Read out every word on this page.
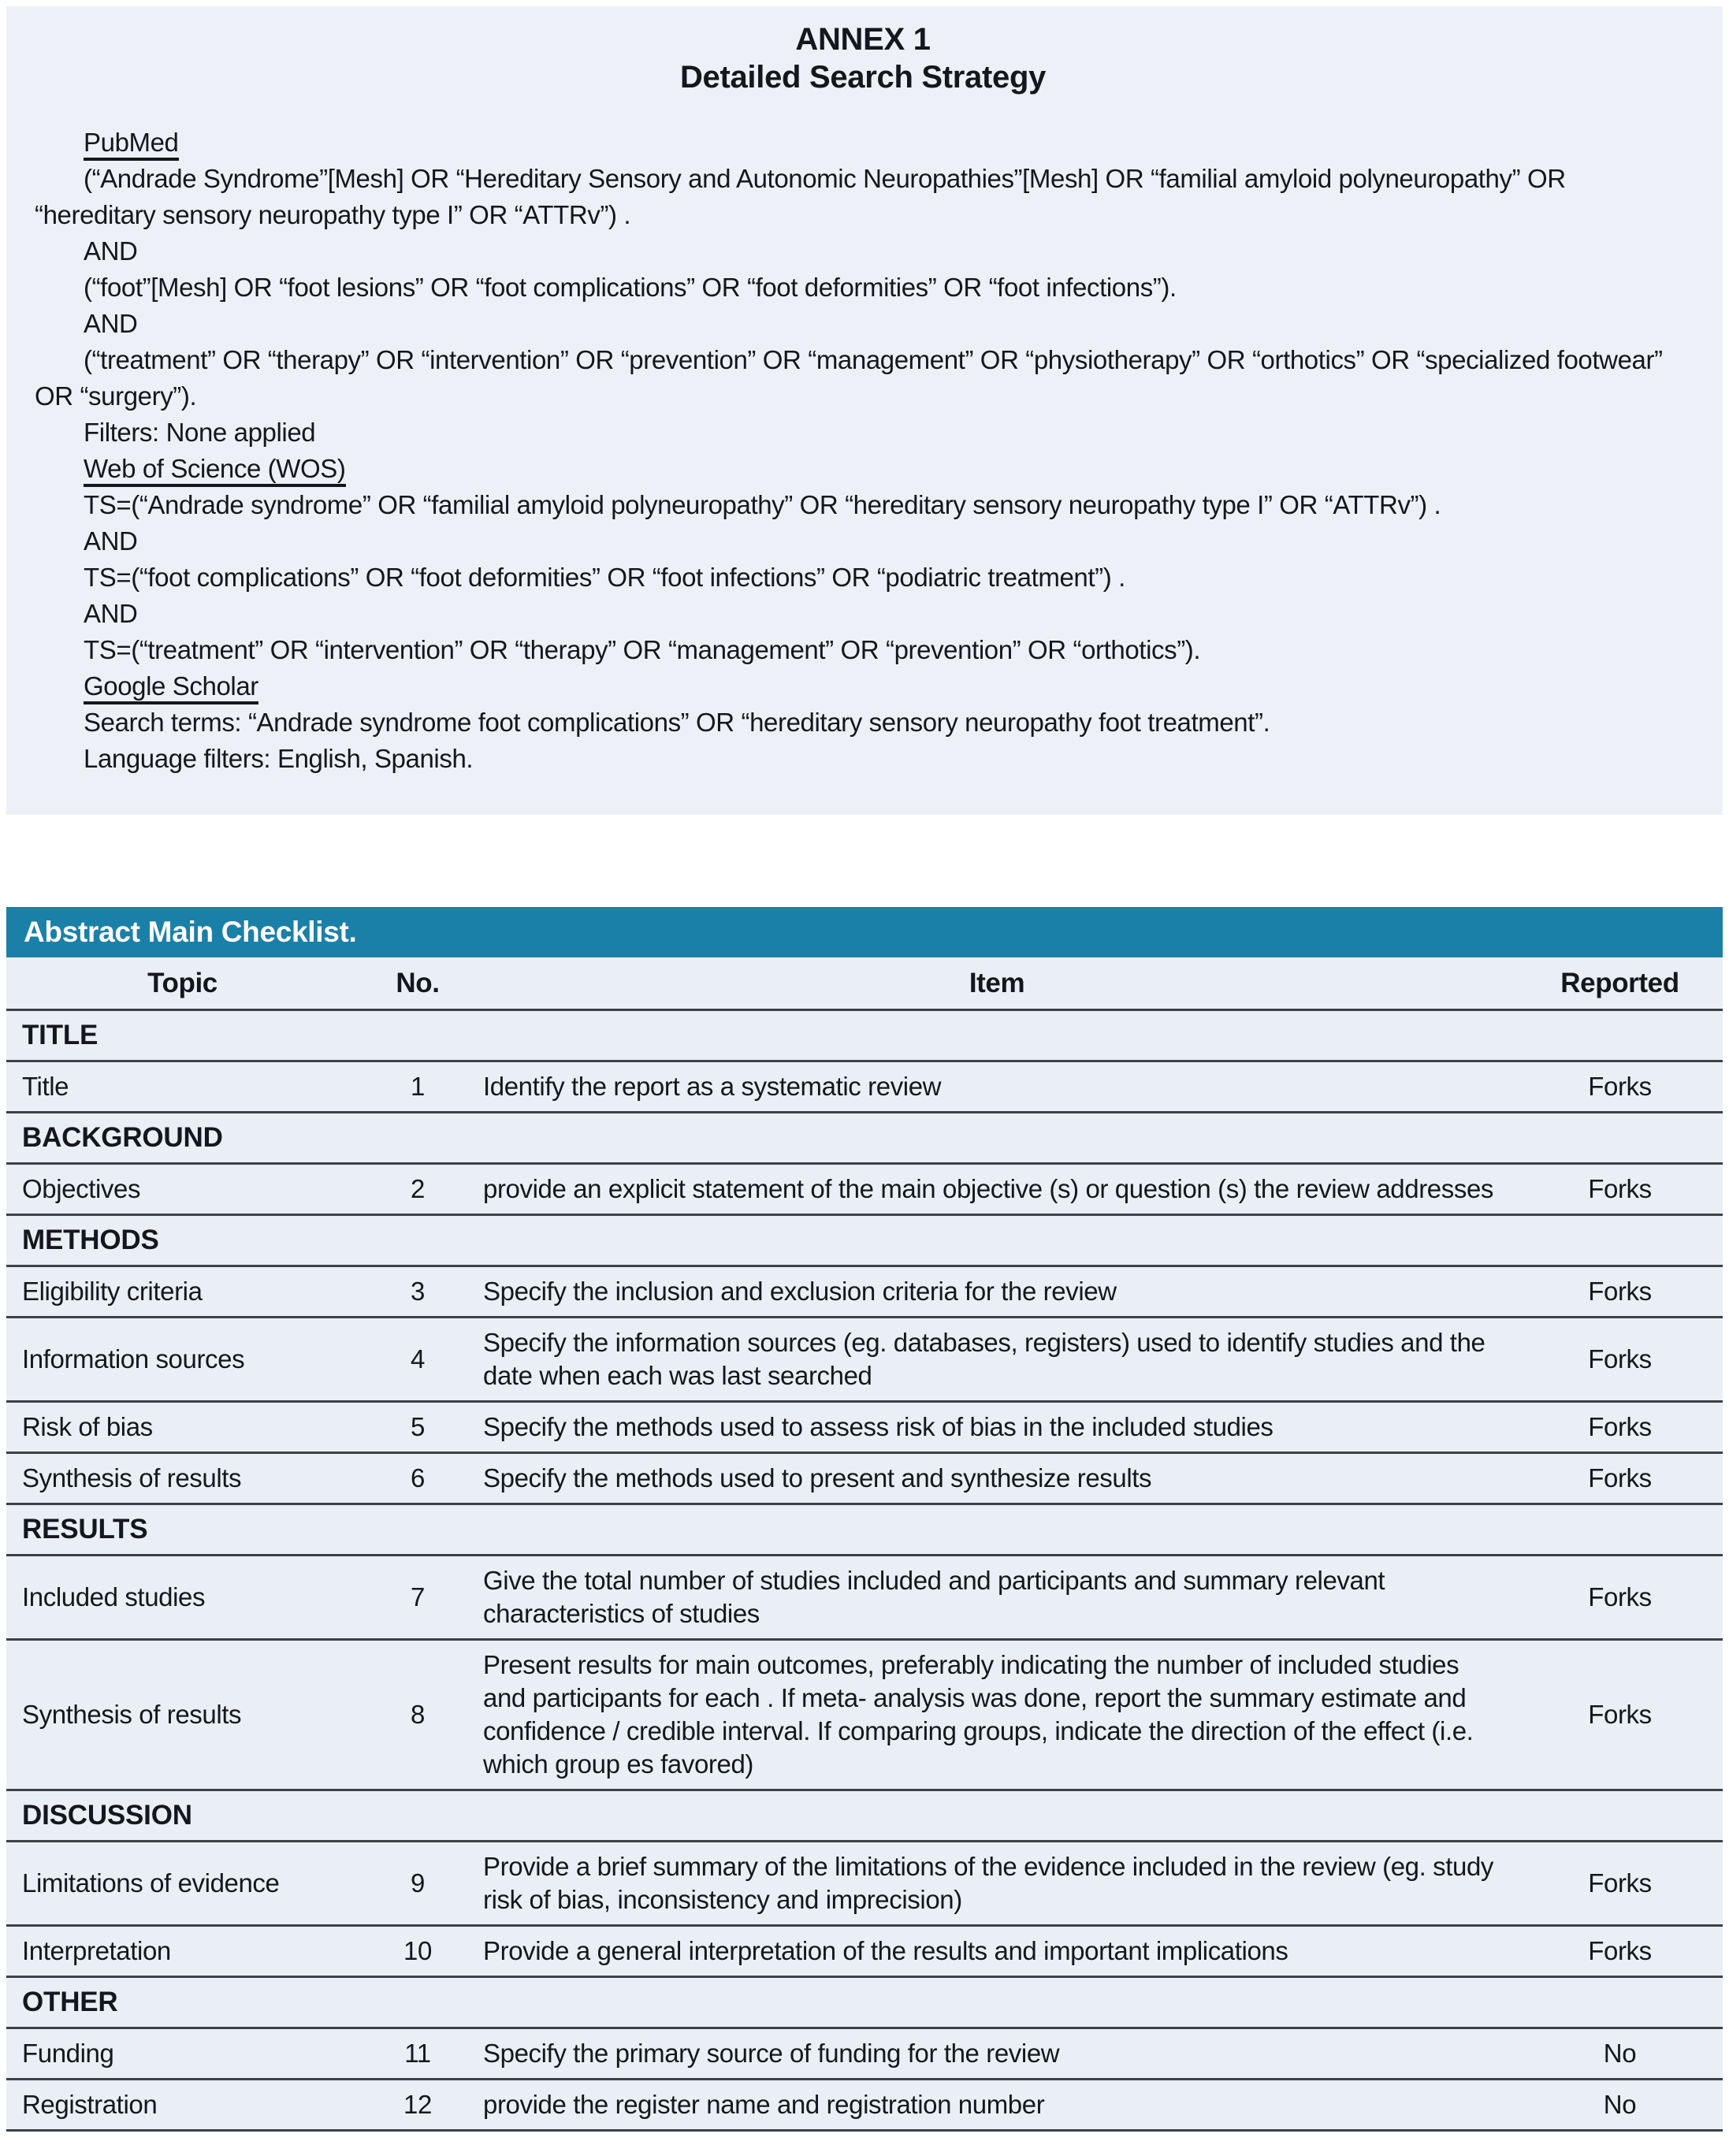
ANNEX 1
Detailed Search Strategy

PubMed

(“Andrade Syndrome”[Mesh] OR “Hereditary Sensory and Autonomic Neuropathies”[Mesh] OR “familial amyloid polyneuropathy” OR “hereditary sensory neuropathy type I” OR “ATTRv”) .

AND

(“foot”[Mesh] OR “foot lesions” OR “foot complications” OR “foot deformities” OR “foot infections”).

AND

(“treatment” OR “therapy” OR “intervention” OR “prevention” OR “management” OR “physiotherapy” OR “orthotics” OR “specialized footwear” OR “surgery”).

Filters: None applied

Web of Science (WOS)

TS=(“Andrade syndrome” OR “familial amyloid polyneuropathy” OR “hereditary sensory neuropathy type I” OR “ATTRv”) .

AND

TS=(“foot complications” OR “foot deformities” OR “foot infections” OR “podiatric treatment”) .

AND

TS=(“treatment” OR “intervention” OR “therapy” OR “management” OR “prevention” OR “orthotics”).

Google Scholar

Search terms: “Andrade syndrome foot complications” OR “hereditary sensory neuropathy foot treatment”.

Language filters: English, Spanish.

Abstract Main Checklist.
Topic	No.	Item	Reported
TITLE			
Title	1	Identify the report as a systematic review	Forks
BACKGROUND			
Objectives	2	provide an explicit statement of the main objective (s) or question (s) the review addresses	Forks
METHODS			
Eligibility criteria	3	Specify the inclusion and exclusion criteria for the review	Forks
Information sources	4	Specify the information sources (eg. databases, registers) used to identify studies and the date when each was last searched	Forks
Risk of bias	5	Specify the methods used to assess risk of bias in the included studies	Forks
Synthesis of results	6	Specify the methods used to present and synthesize results	Forks
RESULTS			
Included studies	7	Give the total number of studies included and participants and summary relevant characteristics of studies	Forks
Synthesis of results	8	Present results for main outcomes, preferably indicating the number of included studies and participants for each . If meta- analysis was done, report the summary estimate and confidence / credible interval. If comparing groups, indicate the direction of the effect (i.e. which group es favored)	Forks
DISCUSSION			
Limitations of evidence	9	Provide a brief summary of the limitations of the evidence included in the review (eg. study risk of bias, inconsistency and imprecision)	Forks
Interpretation	10	Provide a general interpretation of the results and important implications	Forks
OTHER			
Funding	11	Specify the primary source of funding for the review	No
Registration	12	provide the register name and registration number	No
